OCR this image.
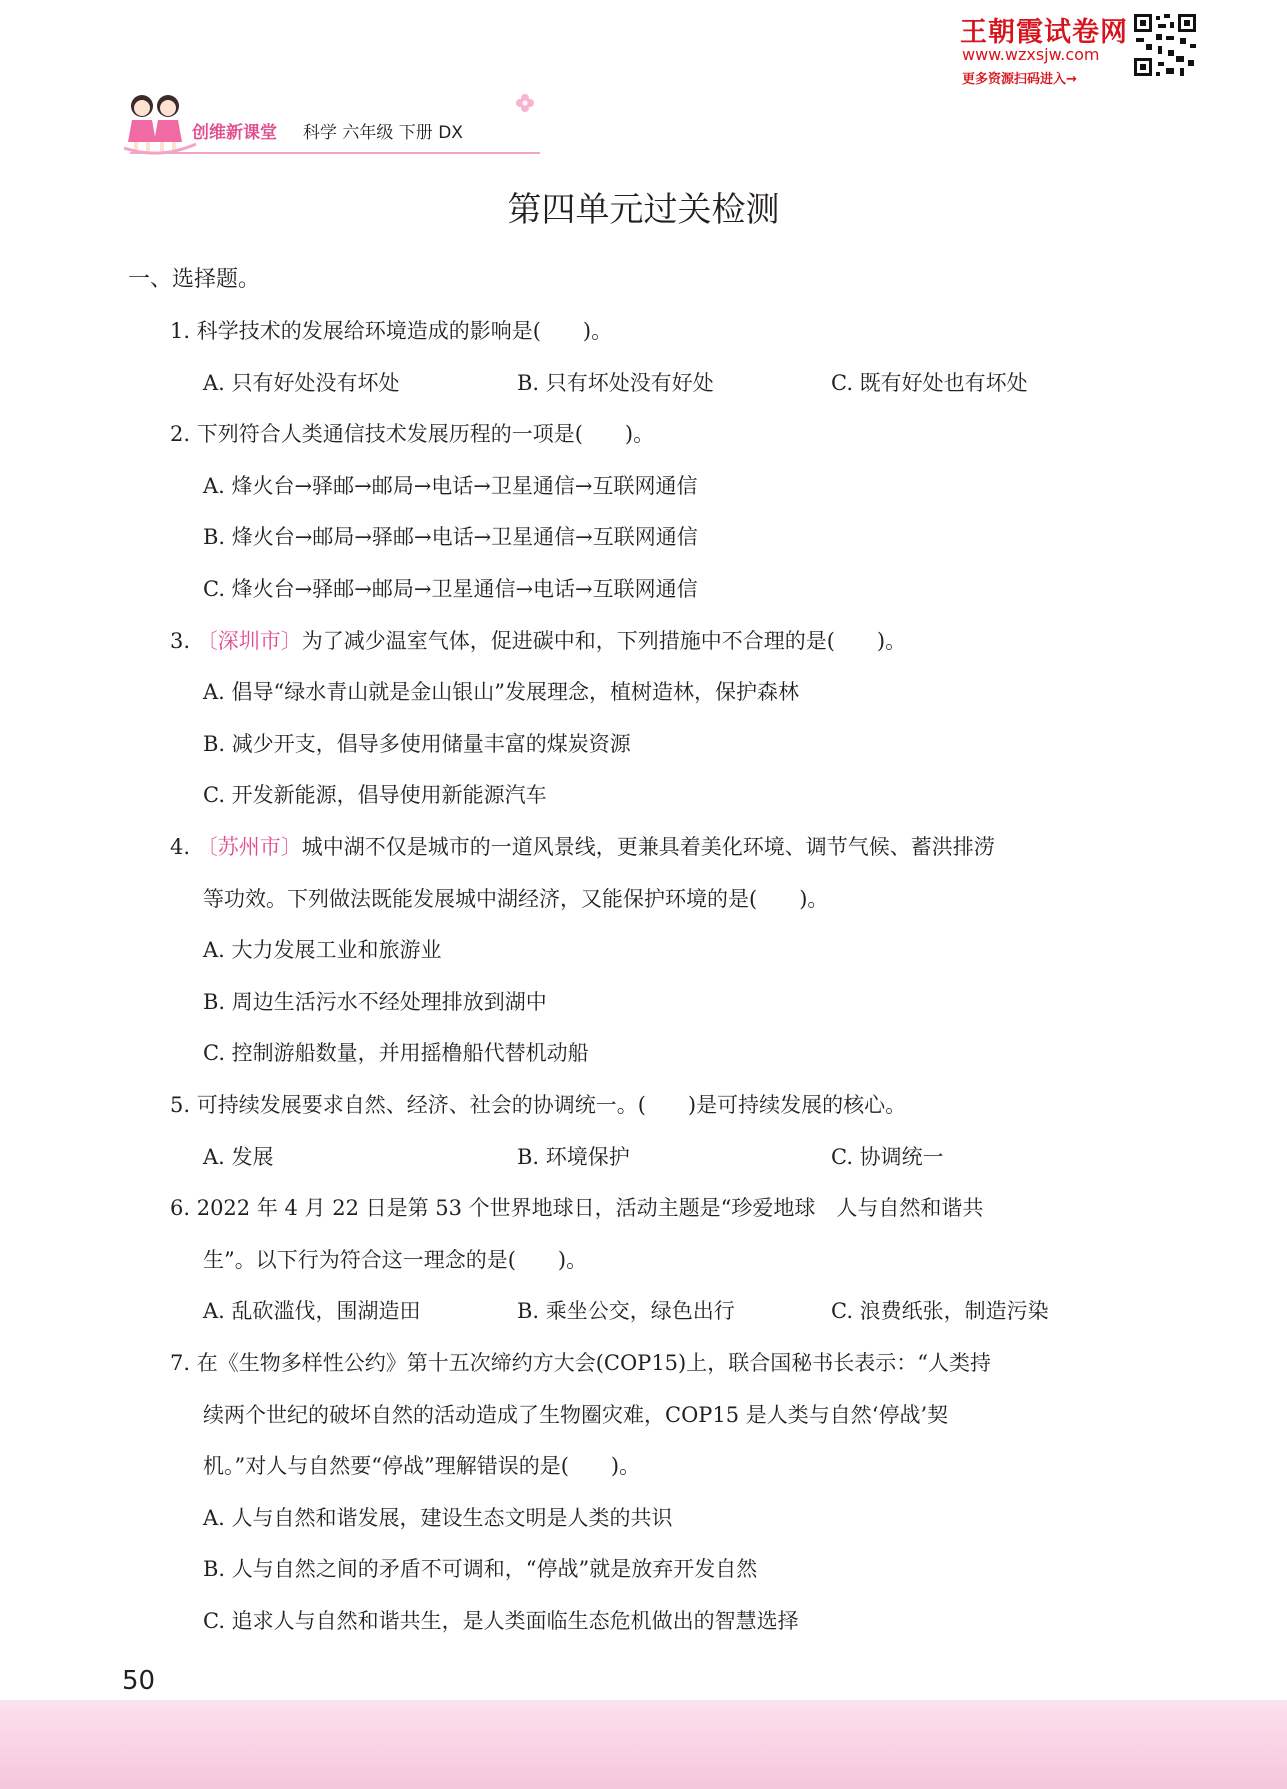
王朝霞试卷网
www.wzxsjw.com
更多资源扫码进入→
创维新课堂 科学 六年级 下册 DX
第四单元过关检测
一、选择题。
1. 科学技术的发展给环境造成的影响是(　　)。
A. 只有好处没有坏处	B. 只有坏处没有好处	C. 既有好处也有坏处
2. 下列符合人类通信技术发展历程的一项是(　　)。
A. 烽火台→驿邮→邮局→电话→卫星通信→互联网通信
B. 烽火台→邮局→驿邮→电话→卫星通信→互联网通信
C. 烽火台→驿邮→邮局→卫星通信→电话→互联网通信
3. 〔深圳市〕为了减少温室气体，促进碳中和，下列措施中不合理的是(　　)。
A. 倡导“绿水青山就是金山银山”发展理念，植树造林，保护森林
B. 减少开支，倡导多使用储量丰富的煤炭资源
C. 开发新能源，倡导使用新能源汽车
4. 〔苏州市〕城中湖不仅是城市的一道风景线，更兼具着美化环境、调节气候、蓄洪排涝
等功效。下列做法既能发展城中湖经济，又能保护环境的是(　　)。
A. 大力发展工业和旅游业
B. 周边生活污水不经处理排放到湖中
C. 控制游船数量，并用摇橹船代替机动船
5. 可持续发展要求自然、经济、社会的协调统一。(　　)是可持续发展的核心。
A. 发展	B. 环境保护	C. 协调统一
6. 2022 年 4 月 22 日是第 53 个世界地球日，活动主题是“珍爱地球　人与自然和谐共
生”。以下行为符合这一理念的是(　　)。
A. 乱砍滥伐，围湖造田	B. 乘坐公交，绿色出行	C. 浪费纸张，制造污染
7. 在《生物多样性公约》第十五次缔约方大会(COP15)上，联合国秘书长表示：“人类持
续两个世纪的破坏自然的活动造成了生物圈灾难，COP15 是人类与自然‘停战’契
机。”对人与自然要“停战”理解错误的是(　　)。
A. 人与自然和谐发展，建设生态文明是人类的共识
B. 人与自然之间的矛盾不可调和，“停战”就是放弃开发自然
C. 追求人与自然和谐共生，是人类面临生态危机做出的智慧选择
50
